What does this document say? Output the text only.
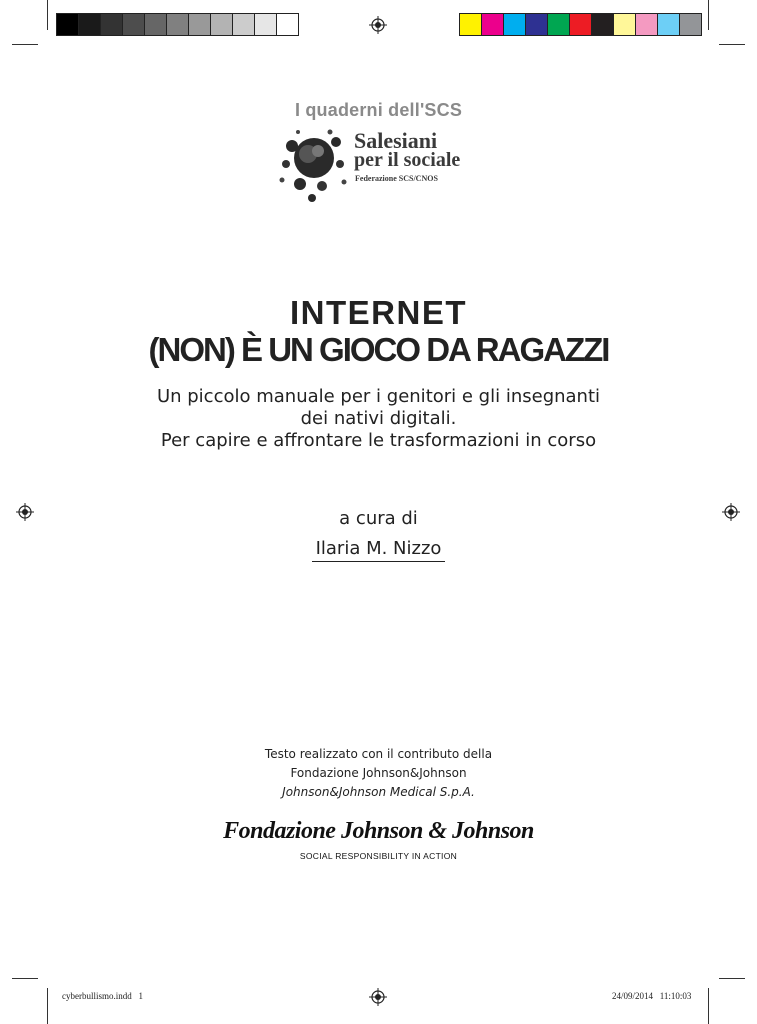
I quaderni dell'SCS
Salesiani
per il sociale
Federazione SCS/CNOS
INTERNET
(NON) È UN GIOCO DA RAGAZZI
Un piccolo manuale per i genitori e gli insegnanti
dei nativi digitali.
Per capire e affrontare le trasformazioni in corso
a cura di
Ilaria M. Nizzo
Testo realizzato con il contributo della
Fondazione Johnson&Johnson
Johnson&Johnson Medical S.p.A.
Fondazione Johnson & Johnson
SOCIAL RESPONSIBILITY IN ACTION
cyberbullismo.indd   1	24/09/2014   11:10:03
